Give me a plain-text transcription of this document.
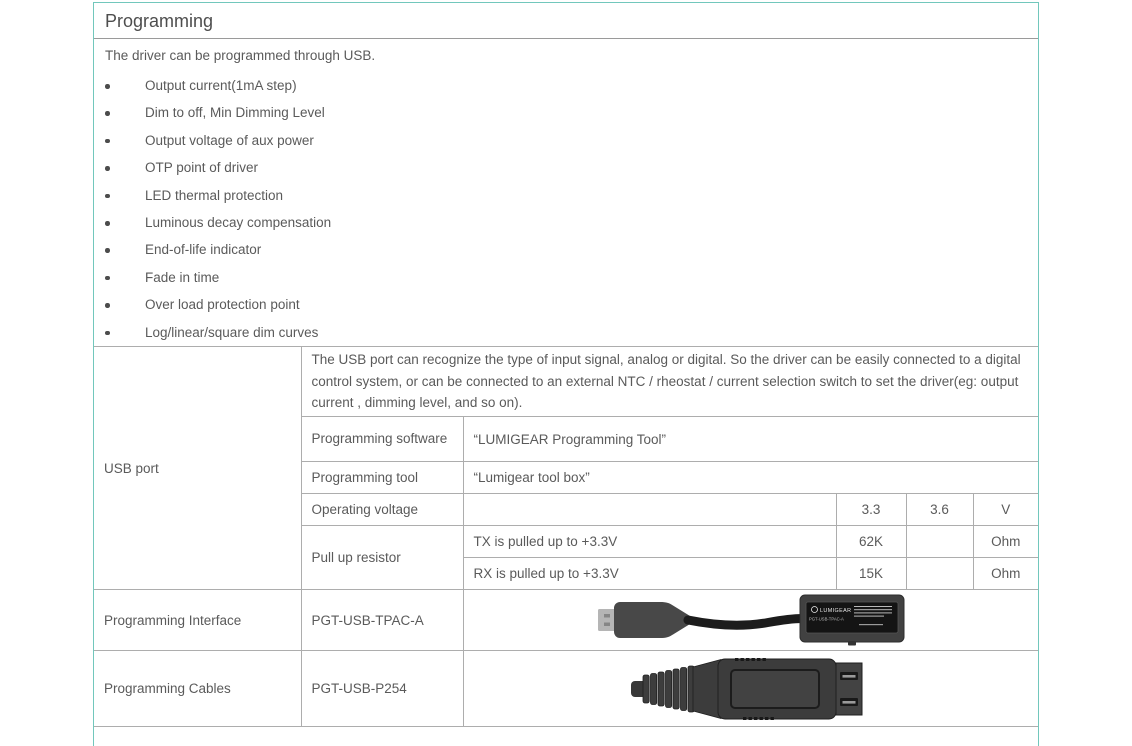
Programming
The driver can be programmed through USB.
Output current(1mA step)
Dim to off, Min Dimming Level
Output voltage of aux power
OTP point of driver
LED thermal protection
Luminous decay compensation
End-of-life indicator
Fade in time
Over load protection point
Log/linear/square dim curves
USB port	The USB port can recognize the type of input signal, analog or digital. So the driver can be easily connected to a digital control system, or can be connected to an external NTC / rheostat / current selection switch to set the driver(eg: output current , dimming level, and so on).				
	Programming software	“LUMIGEAR Programming Tool”			
	Programming tool	“Lumigear tool box”			
	Operating voltage		3.3	3.6	V
	Pull up resistor	TX is pulled up to +3.3V	62K		Ohm
		RX is pulled up to +3.3V	15K		Ohm
Programming Interface	PGT-USB-TPAC-A	LUMIGEAR
PGT-USB-TPAC-A			

Programming Cables	PGT-USB-P254	
